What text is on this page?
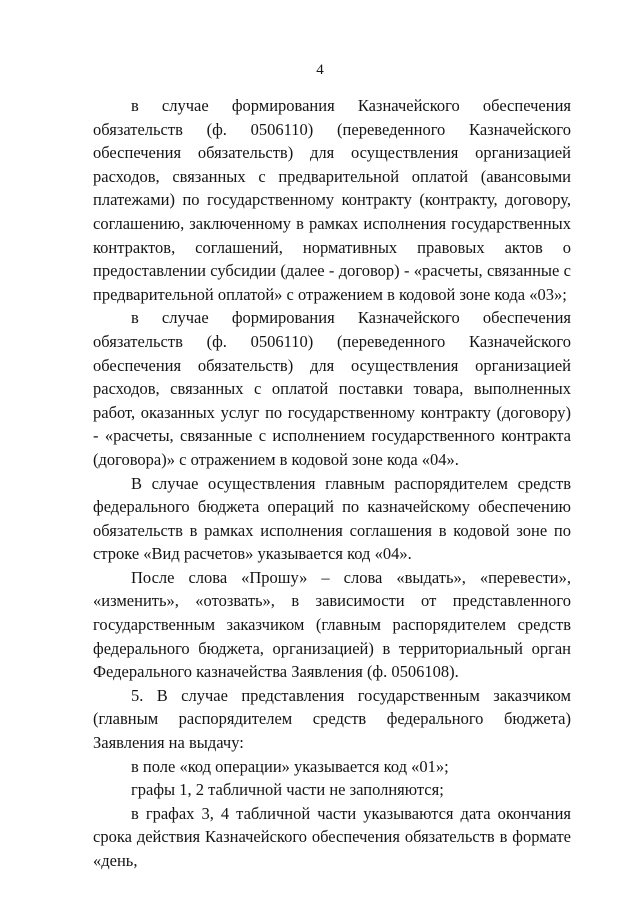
4

в случае формирования Казначейского обеспечения обязательств (ф. 0506110) (переведенного Казначейского обеспечения обязательств) для осуществления организацией расходов, связанных с предварительной оплатой (авансовыми платежами) по государственному контракту (контракту, договору, соглашению, заключенному в рамках исполнения государственных контрактов, соглашений, нормативных правовых актов о предоставлении субсидии (далее - договор) - «расчеты, связанные с предварительной оплатой» с отражением в кодовой зоне кода «03»;

в случае формирования Казначейского обеспечения обязательств (ф. 0506110) (переведенного Казначейского обеспечения обязательств) для осуществления организацией расходов, связанных с оплатой поставки товара, выполненных работ, оказанных услуг по государственному контракту (договору) - «расчеты, связанные с исполнением государственного контракта (договора)» с отражением в кодовой зоне кода «04».

В случае осуществления главным распорядителем средств федерального бюджета операций по казначейскому обеспечению обязательств в рамках исполнения соглашения в кодовой зоне по строке «Вид расчетов» указывается код «04».

После слова «Прошу» – слова «выдать», «перевести», «изменить», «отозвать», в зависимости от представленного государственным заказчиком (главным распорядителем средств федерального бюджета, организацией) в территориальный орган Федерального казначейства Заявления (ф. 0506108).

5. В случае представления государственным заказчиком (главным распорядителем средств федерального бюджета) Заявления на выдачу:

в поле «код операции» указывается код «01»;

графы 1, 2 табличной части не заполняются;

в графах 3, 4 табличной части указываются дата окончания срока действия Казначейского обеспечения обязательств в формате «день,
